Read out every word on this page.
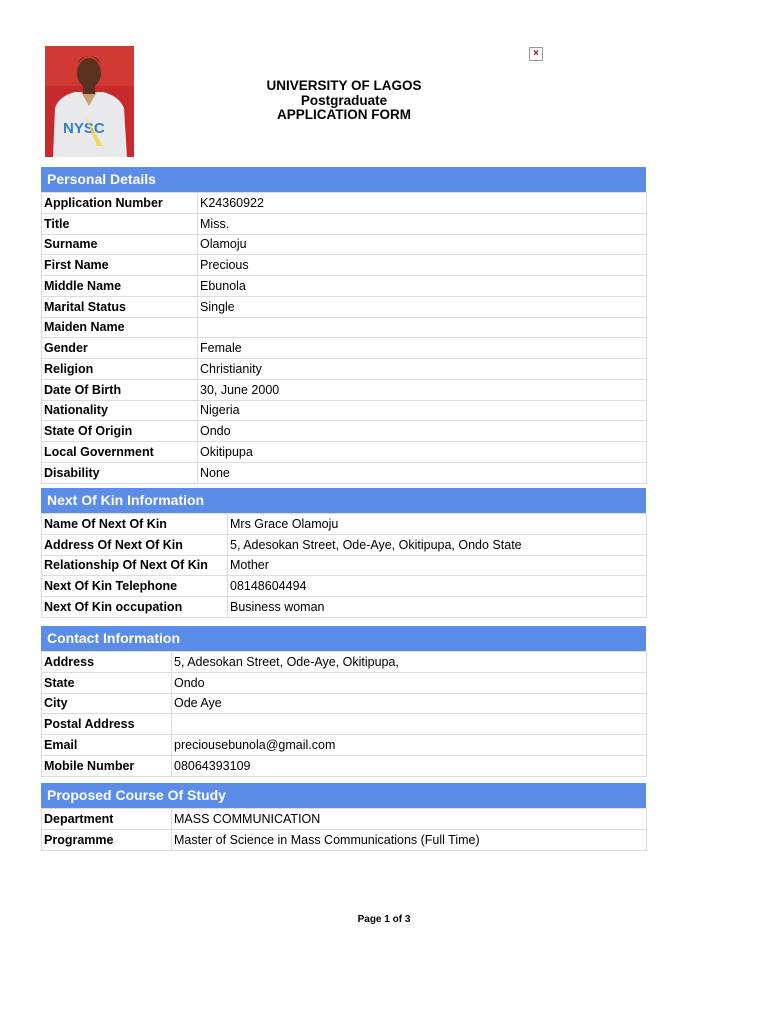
NYSC
×
UNIVERSITY OF LAGOS
Postgraduate
APPLICATION FORM
Personal Details
Application Number	K24360922
Title	Miss.
Surname	Olamoju
First Name	Precious
Middle Name	Ebunola
Marital Status	Single
Maiden Name	
Gender	Female
Religion	Christianity
Date Of Birth	30, June 2000
Nationality	Nigeria
State Of Origin	Ondo
Local Government	Okitipupa
Disability	None
Next Of Kin Information
Name Of Next Of Kin	Mrs Grace Olamoju
Address Of Next Of Kin	5, Adesokan Street, Ode-Aye, Okitipupa, Ondo State
Relationship Of Next Of Kin	Mother
Next Of Kin Telephone	08148604494
Next Of Kin occupation	Business woman
Contact Information
Address	5, Adesokan Street, Ode-Aye, Okitipupa,
State	Ondo
City	Ode Aye
Postal Address	
Email	preciousebunola@gmail.com
Mobile Number	08064393109
Proposed Course Of Study
Department	MASS COMMUNICATION
Programme	Master of Science in Mass Communications (Full Time)
Page 1 of 3
